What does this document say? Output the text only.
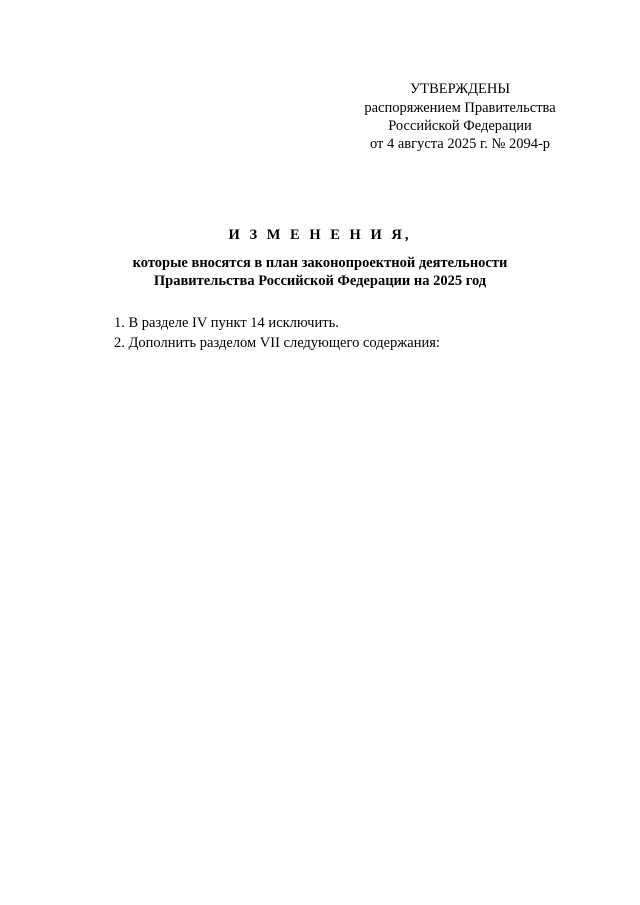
УТВЕРЖДЕНЫ
распоряжением Правительства
Российской Федерации
от 4 августа 2025 г. № 2094-р
И З М Е Н Е Н И Я,
которые вносятся в план законопроектной деятельности
Правительства Российской Федерации на 2025 год
1. В разделе IV пункт 14 исключить.
2. Дополнить разделом VII следующего содержания:
